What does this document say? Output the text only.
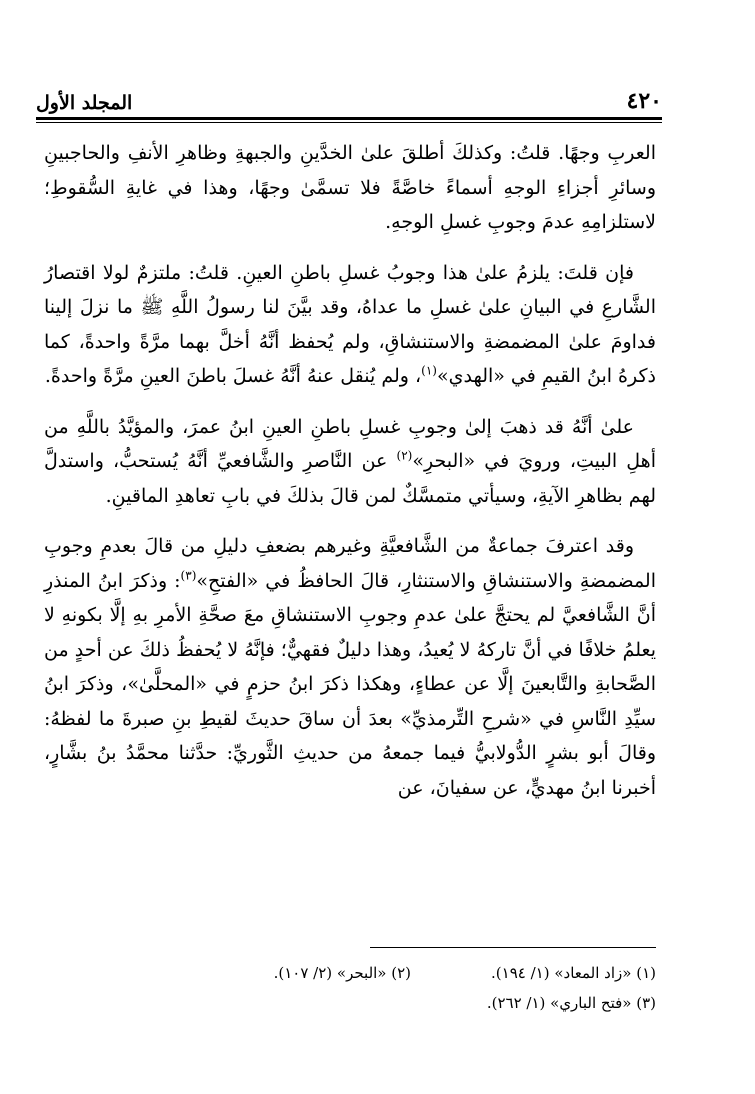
٤٢٠
المجلد الأول

العربِ وجهًا. قلتُ: وكذلكَ أطلقَ علىٰ الخدَّينِ والجبهةِ وظاهرِ الأنفِ والحاجبينِ وسائرِ أجزاءِ الوجهِ أسماءً خاصَّةً فلا تسمَّىٰ وجهًا، وهذا في غايةِ السُّقوطِ؛ لاستلزامِهِ عدمَ وجوبِ غسلِ الوجهِ.

فإن قلتَ: يلزمُ علىٰ هذا وجوبُ غسلِ باطنِ العينِ. قلتُ: ملتزمٌ لولا اقتصارُ الشَّارعِ في البيانِ علىٰ غسلِ ما عداهُ، وقد بيَّنَ لنا رسولُ اللَّهِ ﷺ ما نزلَ إلينا فداومَ علىٰ المضمضةِ والاستنشاقِ، ولم يُحفظ أنَّهُ أخلَّ بهما مرَّةً واحدةً، كما ذكرهُ ابنُ القيمِ في «الهدي»$^{(١)}$، ولم يُنقل عنهُ أنَّهُ غسلَ باطنَ العينِ مرَّةً واحدةً.

علىٰ أنَّهُ قد ذهبَ إلىٰ وجوبِ غسلِ باطنِ العينِ ابنُ عمرَ، والمؤيَّدُ باللَّهِ من أهلِ البيتِ، ورويَ في «البحرِ»$^{(٢)}$ عن النَّاصرِ والشَّافعيِّ أنَّهُ يُستحبُّ، واستدلَّ لهم بظاهرِ الآيةِ، وسيأتي متمسَّكٌ لمن قالَ بذلكَ في بابِ تعاهدِ الماقينِ.

وقد اعترفَ جماعةٌ من الشَّافعيَّةِ وغيرهم بضعفِ دليلِ من قالَ بعدمِ وجوبِ المضمضةِ والاستنشاقِ والاستنثارِ، قالَ الحافظُ في «الفتحِ»$^{(٣)}$: وذكرَ ابنُ المنذرِ أنَّ الشَّافعيَّ لم يحتجَّ علىٰ عدمِ وجوبِ الاستنشاقِ معَ صحَّةِ الأمرِ بهِ إلَّا بكونهِ لا يعلمُ خلافًا في أنَّ تاركهُ لا يُعيدُ، وهذا دليلٌ فقهيٌّ؛ فإنَّهُ لا يُحفظُ ذلكَ عن أحدٍ من الصَّحابةِ والتَّابعينَ إلَّا عن عطاءٍ، وهكذا ذكرَ ابنُ حزمٍ في «المحلَّىٰ»، وذكرَ ابنُ سيِّدِ النَّاسِ في «شرحِ التِّرمذيِّ» بعدَ أن ساقَ حديثَ لقيطِ بنِ صبرةَ ما لفظهُ: وقالَ أبو بشرٍ الدُّولابيُّ فيما جمعهُ من حديثِ الثَّوريِّ: حدَّثنا محمَّدُ بنُ بشَّارٍ، أخبرنا ابنُ مهديٍّ، عن سفيانَ، عن

(١) «زاد المعاد» (١/ ١٩٤).
(٢) «البحر» (٢/ ١٠٧).
(٣) «فتح الباري» (١/ ٢٦٢).
